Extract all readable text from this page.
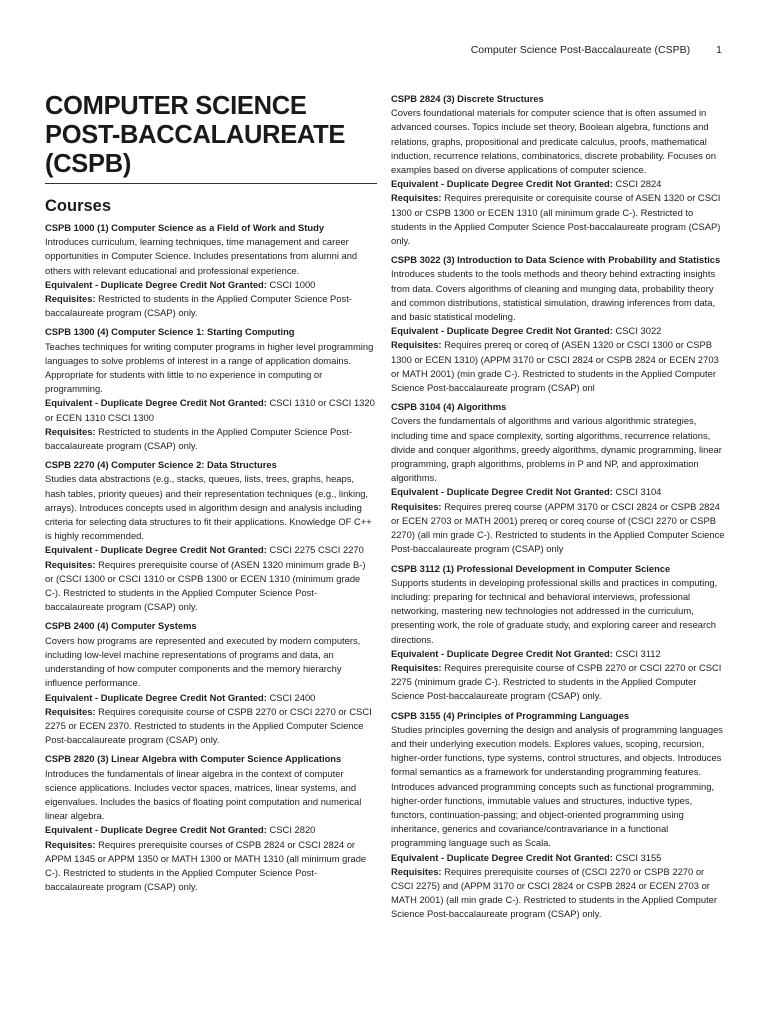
Computer Science Post-Baccalaureate (CSPB) 1
COMPUTER SCIENCE POST-BACCALAUREATE (CSPB)
Courses

CSPB 1000 (1) Computer Science as a Field of Work and Study

Introduces curriculum, learning techniques, time management and career opportunities in Computer Science. Includes presentations from alumni and others with relevant educational and professional experience.

Equivalent - Duplicate Degree Credit Not Granted: CSCI 1000

Requisites: Restricted to students in the Applied Computer Science Post-baccalaureate program (CSAP) only.

CSPB 1300 (4) Computer Science 1: Starting Computing

Teaches techniques for writing computer programs in higher level programming languages to solve problems of interest in a range of application domains. Appropriate for students with little to no experience in computing or programming.

Equivalent - Duplicate Degree Credit Not Granted: CSCI 1310 or CSCI 1320 or ECEN 1310 CSCI 1300

Requisites: Restricted to students in the Applied Computer Science Post-baccalaureate program (CSAP) only.

CSPB 2270 (4) Computer Science 2: Data Structures

Studies data abstractions (e.g., stacks, queues, lists, trees, graphs, heaps, hash tables, priority queues) and their representation techniques (e.g., linking, arrays). Introduces concepts used in algorithm design and analysis including criteria for selecting data structures to fit their applications. Knowledge OF C++ is highly recommended.

Equivalent - Duplicate Degree Credit Not Granted: CSCI 2275 CSCI 2270

Requisites: Requires prerequisite course of (ASEN 1320 minimum grade B-) or (CSCI 1300 or CSCI 1310 or CSPB 1300 or ECEN 1310 (minimum grade C-). Restricted to students in the Applied Computer Science Post-baccalaureate program (CSAP) only.

CSPB 2400 (4) Computer Systems

Covers how programs are represented and executed by modern computers, including low-level machine representations of programs and data, an understanding of how computer components and the memory hierarchy influence performance.

Equivalent - Duplicate Degree Credit Not Granted: CSCI 2400

Requisites: Requires corequisite course of CSPB 2270 or CSCI 2270 or CSCI 2275 or ECEN 2370. Restricted to students in the Applied Computer Science Post-baccalaureate program (CSAP) only.

CSPB 2820 (3) Linear Algebra with Computer Science Applications

Introduces the fundamentals of linear algebra in the context of computer science applications. Includes vector spaces, matrices, linear systems, and eigenvalues. Includes the basics of floating point computation and numerical linear algebra.

Equivalent - Duplicate Degree Credit Not Granted: CSCI 2820

Requisites: Requires prerequisite courses of CSPB 2824 or CSCI 2824 or APPM 1345 or APPM 1350 or MATH 1300 or MATH 1310 (all minimum grade C-). Restricted to students in the Applied Computer Science Post-baccalaureate program (CSAP) only.

CSPB 2824 (3) Discrete Structures

Covers foundational materials for computer science that is often assumed in advanced courses. Topics include set theory, Boolean algebra, functions and relations, graphs, propositional and predicate calculus, proofs, mathematical induction, recurrence relations, combinatorics, discrete probability. Focuses on examples based on diverse applications of computer science.

Equivalent - Duplicate Degree Credit Not Granted: CSCI 2824

Requisites: Requires prerequisite or corequisite course of ASEN 1320 or CSCI 1300 or CSPB 1300 or ECEN 1310 (all minimum grade C-). Restricted to students in the Applied Computer Science Post-baccalaureate program (CSAP) only.

CSPB 3022 (3) Introduction to Data Science with Probability and Statistics

Introduces students to the tools methods and theory behind extracting insights from data. Covers algorithms of cleaning and munging data, probability theory and common distributions, statistical simulation, drawing inferences from data, and basic statistical modeling.

Equivalent - Duplicate Degree Credit Not Granted: CSCI 3022

Requisites: Requires prereq or coreq of (ASEN 1320 or CSCI 1300 or CSPB 1300 or ECEN 1310) (APPM 3170 or CSCI 2824 or CSPB 2824 or ECEN 2703 or MATH 2001) (min grade C-). Restricted to students in the Applied Computer Science Post-baccalaureate program (CSAP) onl

CSPB 3104 (4) Algorithms

Covers the fundamentals of algorithms and various algorithmic strategies, including time and space complexity, sorting algorithms, recurrence relations, divide and conquer algorithms, greedy algorithms, dynamic programming, linear programming, graph algorithms, problems in P and NP, and approximation algorithms.

Equivalent - Duplicate Degree Credit Not Granted: CSCI 3104

Requisites: Requires prereq course (APPM 3170 or CSCI 2824 or CSPB 2824 or ECEN 2703 or MATH 2001) prereq or coreq course of (CSCI 2270 or CSPB 2270) (all min grade C-). Restricted to students in the Applied Computer Science Post-baccalaureate program (CSAP) only

CSPB 3112 (1) Professional Development in Computer Science

Supports students in developing professional skills and practices in computing, including: preparing for technical and behavioral interviews, professional networking, mastering new technologies not addressed in the curriculum, presenting work, the role of graduate study, and exploring career and research directions.

Equivalent - Duplicate Degree Credit Not Granted: CSCI 3112

Requisites: Requires prerequisite course of CSPB 2270 or CSCI 2270 or CSCI 2275 (minimum grade C-). Restricted to students in the Applied Computer Science Post-baccalaureate program (CSAP) only.

CSPB 3155 (4) Principles of Programming Languages

Studies principles governing the design and analysis of programming languages and their underlying execution models. Explores values, scoping, recursion, higher-order functions, type systems, control structures, and objects. Introduces formal semantics as a framework for understanding programming features. Introduces advanced programming concepts such as functional programming, higher-order functions, immutable values and structures, inductive types, functors, continuation-passing; and object-oriented programming using inheritance, generics and covariance/contravariance in a functional programming language such as Scala.

Equivalent - Duplicate Degree Credit Not Granted: CSCI 3155

Requisites: Requires prerequisite courses of (CSCI 2270 or CSPB 2270 or CSCI 2275) and (APPM 3170 or CSCI 2824 or CSPB 2824 or ECEN 2703 or MATH 2001) (all min grade C-). Restricted to students in the Applied Computer Science Post-baccalaureate program (CSAP) only.
